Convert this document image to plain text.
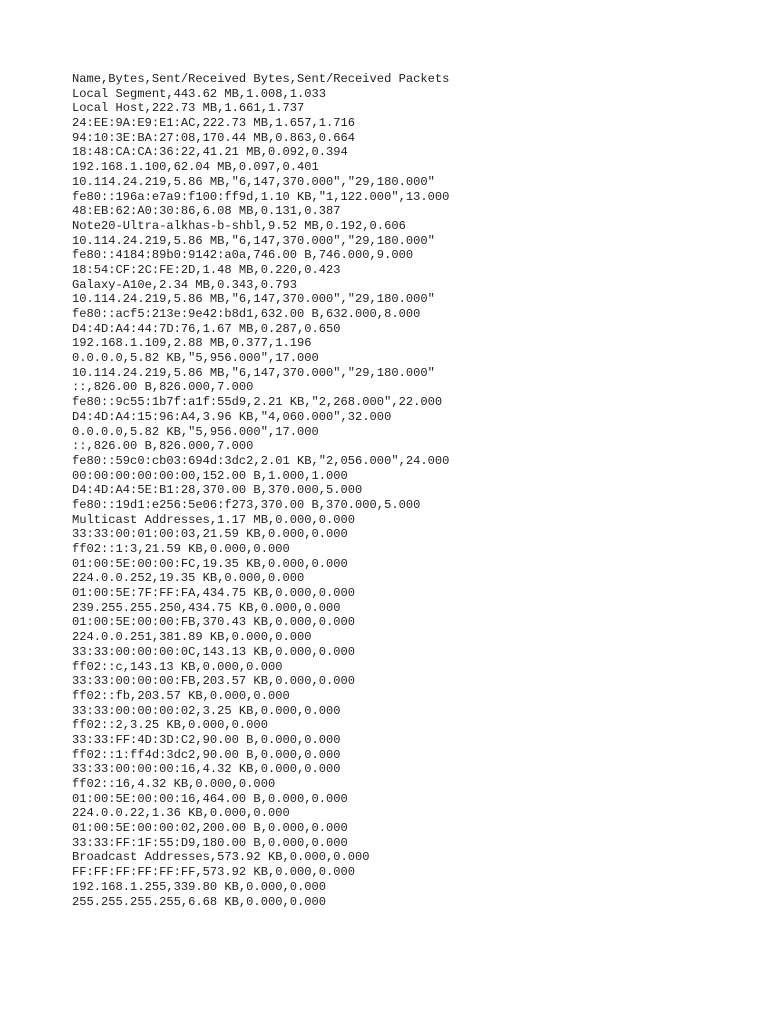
Name,Bytes,Sent/Received Bytes,Sent/Received Packets
Local Segment,443.62 MB,1.008,1.033
Local Host,222.73 MB,1.661,1.737
24:EE:9A:E9:E1:AC,222.73 MB,1.657,1.716
94:10:3E:BA:27:08,170.44 MB,0.863,0.664
18:48:CA:CA:36:22,41.21 MB,0.092,0.394
192.168.1.100,62.04 MB,0.097,0.401
10.114.24.219,5.86 MB,"6,147,370.000","29,180.000"
fe80::196a:e7a9:f100:ff9d,1.10 KB,"1,122.000",13.000
48:EB:62:A0:30:86,6.08 MB,0.131,0.387
Note20-Ultra-alkhas-b-shbl,9.52 MB,0.192,0.606
10.114.24.219,5.86 MB,"6,147,370.000","29,180.000"
fe80::4184:89b0:9142:a0a,746.00 B,746.000,9.000
18:54:CF:2C:FE:2D,1.48 MB,0.220,0.423
Galaxy-A10e,2.34 MB,0.343,0.793
10.114.24.219,5.86 MB,"6,147,370.000","29,180.000"
fe80::acf5:213e:9e42:b8d1,632.00 B,632.000,8.000
D4:4D:A4:44:7D:76,1.67 MB,0.287,0.650
192.168.1.109,2.88 MB,0.377,1.196
0.0.0.0,5.82 KB,"5,956.000",17.000
10.114.24.219,5.86 MB,"6,147,370.000","29,180.000"
::,826.00 B,826.000,7.000
fe80::9c55:1b7f:a1f:55d9,2.21 KB,"2,268.000",22.000
D4:4D:A4:15:96:A4,3.96 KB,"4,060.000",32.000
0.0.0.0,5.82 KB,"5,956.000",17.000
::,826.00 B,826.000,7.000
fe80::59c0:cb03:694d:3dc2,2.01 KB,"2,056.000",24.000
00:00:00:00:00:00,152.00 B,1.000,1.000
D4:4D:A4:5E:B1:28,370.00 B,370.000,5.000
fe80::19d1:e256:5e06:f273,370.00 B,370.000,5.000
Multicast Addresses,1.17 MB,0.000,0.000
33:33:00:01:00:03,21.59 KB,0.000,0.000
ff02::1:3,21.59 KB,0.000,0.000
01:00:5E:00:00:FC,19.35 KB,0.000,0.000
224.0.0.252,19.35 KB,0.000,0.000
01:00:5E:7F:FF:FA,434.75 KB,0.000,0.000
239.255.255.250,434.75 KB,0.000,0.000
01:00:5E:00:00:FB,370.43 KB,0.000,0.000
224.0.0.251,381.89 KB,0.000,0.000
33:33:00:00:00:0C,143.13 KB,0.000,0.000
ff02::c,143.13 KB,0.000,0.000
33:33:00:00:00:FB,203.57 KB,0.000,0.000
ff02::fb,203.57 KB,0.000,0.000
33:33:00:00:00:02,3.25 KB,0.000,0.000
ff02::2,3.25 KB,0.000,0.000
33:33:FF:4D:3D:C2,90.00 B,0.000,0.000
ff02::1:ff4d:3dc2,90.00 B,0.000,0.000
33:33:00:00:00:16,4.32 KB,0.000,0.000
ff02::16,4.32 KB,0.000,0.000
01:00:5E:00:00:16,464.00 B,0.000,0.000
224.0.0.22,1.36 KB,0.000,0.000
01:00:5E:00:00:02,200.00 B,0.000,0.000
33:33:FF:1F:55:D9,180.00 B,0.000,0.000
Broadcast Addresses,573.92 KB,0.000,0.000
FF:FF:FF:FF:FF:FF,573.92 KB,0.000,0.000
192.168.1.255,339.80 KB,0.000,0.000
255.255.255.255,6.68 KB,0.000,0.000
